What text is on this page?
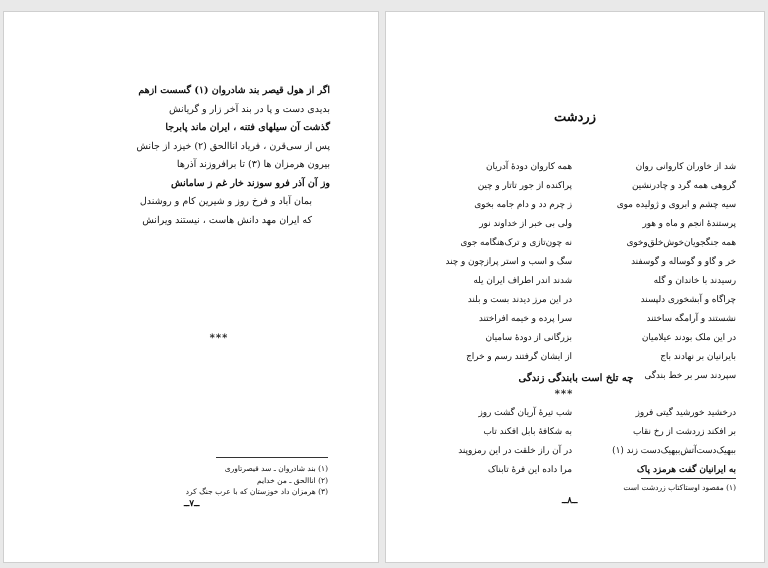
اگر از هول قیصر بند شادروان (۱) گسست ازهم
بدیدی دست و پا در بند آخر زار و گریانش
گذشت آن سیلهای فتنه ، ایران ماند پابرجا
پس از سی‌قرن ، فریاد اناالحق (۲) خیزد از جانش
بیرون هرمزان ها (۳) تا برافروزند آذرها
وز آن آذر فرو سوزند خار غم ز سامانش
بمان آباد و فرخ روز و شیرین کام و روشندل
که ایران مهد دانش هاست ، نیستند ویرانش
***
(۱) بند شادروان ـ سد قیصرتاوری
(۲) اناالحق ـ من خدایم
(۳) هرمزان داد خوزستان که با عرب جنگ کرد
ــ۷ــ
زردشت
شد از خاوران کاروانی روان
گروهی همه گرد و چادرنشین
سیه چشم و ابروی و ژولیده موی
پرستندهٔ انجم و ماه و هور
همه جنگجویان‌خوش‌خلق‌و‌خوی
خر و گاو و گوساله و گوسفند
رسیدند با خاندان و گله
چراگاه و آبشخوری دلپسند
نشستند و آرامگه ساختند
در این ملک بودند عیلامیان
بایرانیان بر نهادند باج
سپردند سر بر خط بندگی
همه کاروان دودهٔ آدریان
پراکنده از جور تاتار و چین
ز چرم دد و دام جامه بخوی
ولی بی خبر از خداوند نور
نه چون‌تازی و ترک‌هنگامه جوی
سگ و اسب و استر پرازچون و چند
شدند اندر اطراف ایران یله
در این مرز دیدند بست و بلند
سرا پرده و خیمه افراختند
بزرگانی از دودهٔ سامیان
از ایشان گرفتند رسم و خراج
چه تلخ است بابندگی زندگی
***
درخشید خورشید گیتی فروز
بر افکند زردشت از رخ نقاب
ببهیک‌دست‌آتش‌ببهیک‌دست زند (۱)
به ایرانیان گفت هرمزد پاک
شب تیرهٔ آریان گشت روز
به شکافهٔ بابل افکند تاب
در آن راز خلقت در این رمزوپند
مرا داده این فرهٔ تابناک
(۱) مقصود اوستاکتاب زردشت است
ــ۸ــ
